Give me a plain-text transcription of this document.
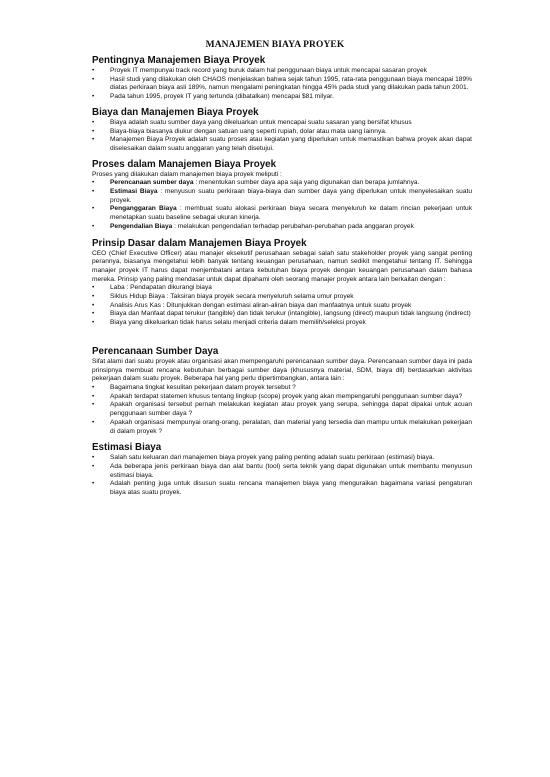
MANAJEMEN BIAYA PROYEK
Pentingnya Manajemen Biaya Proyek
• Proyek IT mempunyai track record yang buruk dalam hal penggunaan biaya untuk mencapai sasaran proyek
• Hasil studi yang dilakukan oleh CHAOS menjelaskan bahwa sejak tahun 1995, rata-rata penggunaan biaya mencapai 189% diatas perkiraan biaya asli 189%, namun mengalami peningkatan hingga 45% pada studi yang dilakukan pada tahun 2001.
• Pada tahun 1995, proyek IT yang tertunda (dibatalkan) mencapai $81 milyar.
Biaya dan Manajemen Biaya Proyek
• Biaya adalah suatu sumber daya yang dikeluarkan untuk mencapai suatu sasaran yang bersifat khusus
• Biaya-biaya biasanya diukur dengan satuan uang seperti rupiah, dolar atau mata uang lainnya.
• Manajemen Biaya Proyek adalah suatu proses atau kegiatan yang diperlukan untuk memastikan bahwa proyek akan dapat diselesaikan dalam suatu anggaran yang telah disetujui.
Proses dalam Manajemen Biaya Proyek

Proses yang dilakukan dalam manajemen biaya proyek meliputi :

• Perencanaan sumber daya : menentukan sumber daya apa saja yang digunakan dan berapa jumlahnya.
• Estimasi Biaya : menyusun suatu perkiraan biaya-biaya dan sumber daya yang diperlukan untuk menyelesaikan suatu proyek.
• Penganggaran Biaya : membuat suatu alokasi perkiraan biaya secara menyeluruh ke dalam rincian pekerjaan untuk menetapkan suatu baseline sebagai ukuran kinerja.
• Pengendalian Biaya : melakukan pengendalian terhadap perubahan-perubahan pada anggaran proyek
Prinsip Dasar dalam Manajemen Biaya Proyek

CEO (Chief Executive Officer) atau manajer eksekutif perusahaan sebagai salah satu stakeholder proyek yang sangat penting perannya, biasanya mengetahui lebih banyak tentang keuangan perusahaan, namun sedikit mengetahui tentang IT. Sehingga manajer proyek IT harus dapat menjembatani antara kebutuhan biaya proyek dengan keuangan perusahaan dalam bahasa mereka. Prinsip yang paling mendasar untuk dapat dipahami oleh seorang manajer proyek antara lain berkaitan dengan :

• Laba : Pendapatan dikurangi biaya
• Siklus Hidup Biaya : Taksiran biaya proyek secara menyeluruh selama umur proyek
• Analisis Arus Kas : Ditunjukkan dengan estimasi aliran-aliran biaya dan manfaatnya untuk suatu proyek
• Biaya dan Manfaat dapat terukur (tangible) dan tidak terukur (intangible), langsung (direct) maupun tidak langsung (indirect)
• Biaya yang dikeluarkan tidak harus selalu menjadi criteria dalam memilih/seleksi proyek
Perencanaan Sumber Daya

Sifat alami dari suatu proyek atau organisasi akan mempengaruhi perencanaan sumber daya. Perencanaan sumber daya ini pada prinsipnya membuat rencana kebutuhan berbagai sumber daya (khususnya material, SDM, biaya dll) berdasarkan aktivitas pekerjaan dalam suatu proyek. Beberapa hal yang perlu dipertimbangkan, antara lain :

• Bagaimana tingkat kesulitan pekerjaan dalam proyek tersebut ?
• Apakah terdapat statemen khusus tentang lingkup (scope) proyek yang akan mempengaruhi penggunaan sumber daya?
• Apakah organisasi tersebut pernah melakukan kegiatan atau proyek yang serupa, sehingga dapat dipakai untuk acuan penggunaan sumber daya ?
• Apakah organisasi mempunyai orang-orang, peralatan, dan material yang tersedia dan mampu untuk melakukan pekerjaan di dalam proyek ?
Estimasi Biaya
• Salah satu keluaran dari manajemen biaya proyek yang paling penting adalah suatu perkiraan (estimasi) biaya.
• Ada beberapa jenis perkiraan biaya dan alat bantu (tool) serta teknik yang dapat digunakan untuk membantu menyusun estimasi biaya.
• Adalah penting juga untuk disusun suatu rencana manajemen biaya yang menguraikan bagaimana variasi pengaturan biaya atas suatu proyek.
